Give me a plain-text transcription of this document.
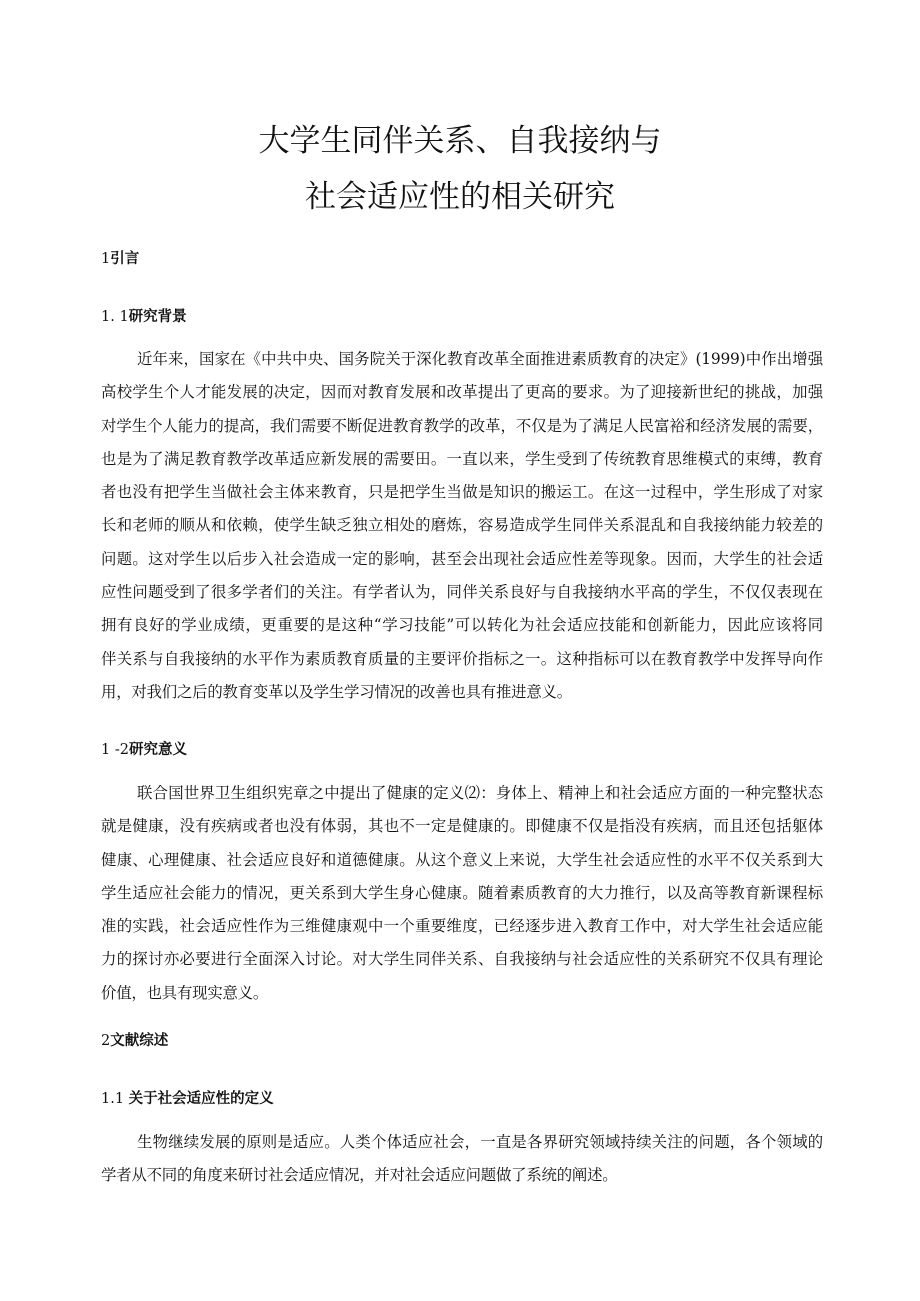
大学生同伴关系、自我接纳与
社会适应性的相关研究
1引言
1. 1研究背景
近年来，国家在《中共中央、国务院关于深化教育改革全面推进素质教育的决定》(1999)中作出增强
高校学生个人才能发展的决定，因而对教育发展和改革提出了更高的要求。为了迎接新世纪的挑战，加强
对学生个人能力的提高，我们需要不断促进教育教学的改革，不仅是为了满足人民富裕和经济发展的需要，
也是为了满足教育教学改革适应新发展的需要田。一直以来，学生受到了传统教育思维模式的束缚，教育
者也没有把学生当做社会主体来教育，只是把学生当做是知识的搬运工。在这一过程中，学生形成了对家
长和老师的顺从和依赖，使学生缺乏独立相处的磨炼，容易造成学生同伴关系混乱和自我接纳能力较差的
问题。这对学生以后步入社会造成一定的影响，甚至会出现社会适应性差等现象。因而，大学生的社会适
应性问题受到了很多学者们的关注。有学者认为，同伴关系良好与自我接纳水平高的学生，不仅仅表现在
拥有良好的学业成绩，更重要的是这种“学习技能”可以转化为社会适应技能和创新能力，因此应该将同
伴关系与自我接纳的水平作为素质教育质量的主要评价指标之一。这种指标可以在教育教学中发挥导向作
用，对我们之后的教育变革以及学生学习情况的改善也具有推进意义。
1 -2研究意义
联合国世界卫生组织宪章之中提出了健康的定义⑵：身体上、精神上和社会适应方面的一种完整状态
就是健康，没有疾病或者也没有体弱，其也不一定是健康的。即健康不仅是指没有疾病，而且还包括躯体
健康、心理健康、社会适应良好和道德健康。从这个意义上来说，大学生社会适应性的水平不仅关系到大
学生适应社会能力的情况，更关系到大学生身心健康。随着素质教育的大力推行，以及高等教育新课程标
准的实践，社会适应性作为三维健康观中一个重要维度，已经逐步进入教育工作中，对大学生社会适应能
力的探讨亦必要进行全面深入讨论。对大学生同伴关系、自我接纳与社会适应性的关系研究不仅具有理论
价值，也具有现实意义。
2文献综述
1.1 关于社会适应性的定义
生物继续发展的原则是适应。人类个体适应社会，一直是各界研究领域持续关注的问题，各个领域的
学者从不同的角度来研讨社会适应情况，并对社会适应问题做了系统的阐述。
